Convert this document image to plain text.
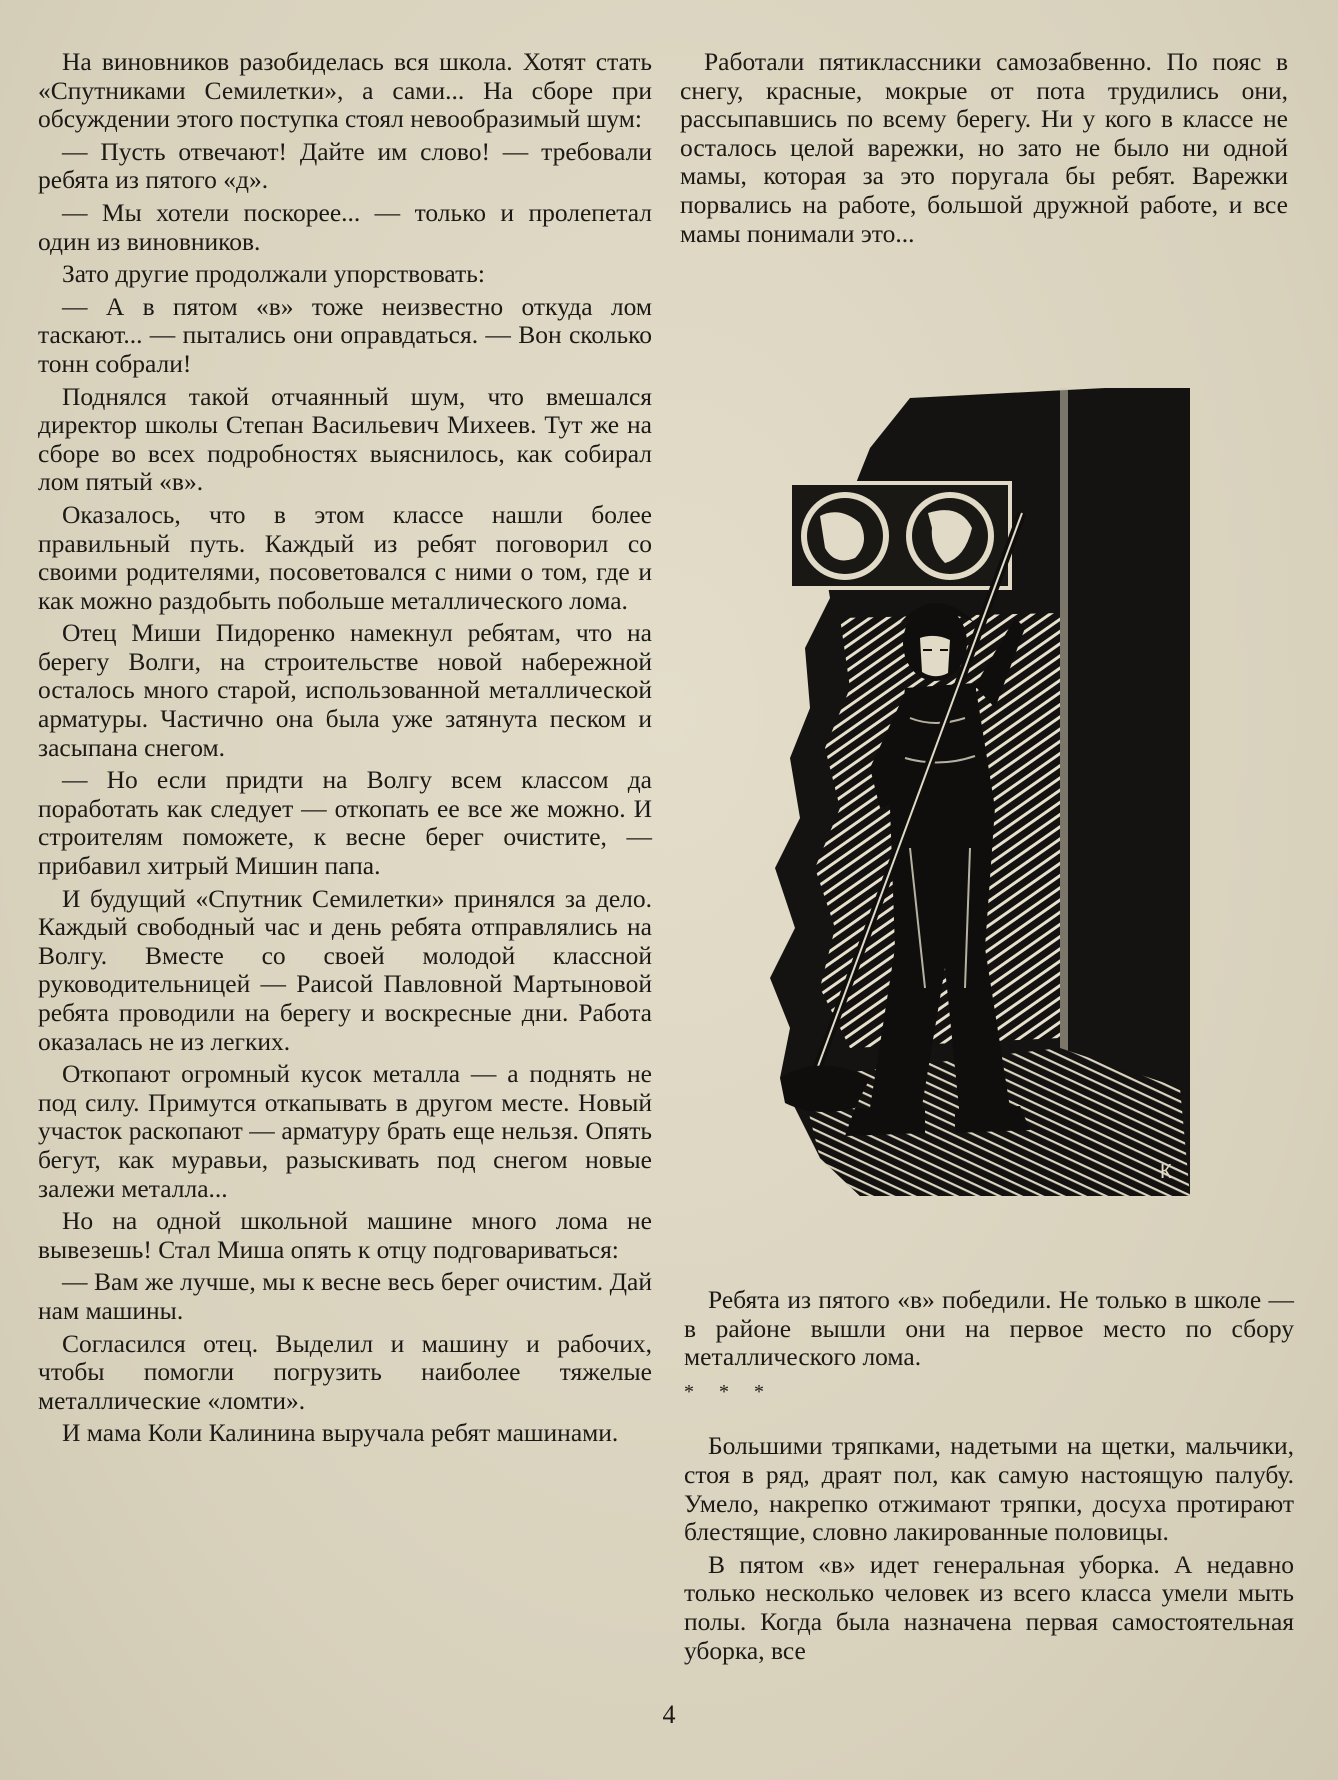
На виновников разобиделась вся школа. Хотят стать «Спутниками Семилетки», а сами... На сборе при обсуждении этого поступка стоял невообразимый шум:

— Пусть отвечают! Дайте им слово! — требовали ребята из пятого «д».

— Мы хотели поскорее... — только и пролепетал один из виновников.

Зато другие продолжали упорствовать:

— А в пятом «в» тоже неизвестно откуда лом таскают... — пытались они оправдаться. — Вон сколько тонн собрали!

Поднялся такой отчаянный шум, что вмешался директор школы Степан Васильевич Михеев. Тут же на сборе во всех подробностях выяснилось, как собирал лом пятый «в».

Оказалось, что в этом классе нашли более правильный путь. Каждый из ребят поговорил со своими родителями, посоветовался с ними о том, где и как можно раздобыть побольше металлического лома.

Отец Миши Пидоренко намекнул ребятам, что на берегу Волги, на строительстве новой набережной осталось много старой, использованной металлической арматуры. Частично она была уже затянута песком и засыпана снегом.

— Но если придти на Волгу всем классом да поработать как следует — откопать ее все же можно. И строителям поможете, к весне берег очистите, — прибавил хитрый Мишин папа.

И будущий «Спутник Семилетки» принялся за дело. Каждый свободный час и день ребята отправлялись на Волгу. Вместе со своей молодой классной руководительницей — Раисой Павловной Мартыновой ребята проводили на берегу и воскресные дни. Работа оказалась не из легких.

Откопают огромный кусок металла — а поднять не под силу. Примутся откапывать в другом месте. Новый участок раскопают — арматуру брать еще нельзя. Опять бегут, как муравьи, разыскивать под снегом новые залежи металла...

Но на одной школьной машине много лома не вывезешь! Стал Миша опять к отцу подговариваться:

— Вам же лучше, мы к весне весь берег очистим. Дай нам машины.

Согласился отец. Выделил и машину и рабочих, чтобы помогли погрузить наиболее тяжелые металлические «ломти».

И мама Коли Калинина выручала ребят машинами.

Работали пятиклассники самозабвенно. По пояс в снегу, красные, мокрые от пота трудились они, рассыпавшись по всему берегу. Ни у кого в классе не осталось целой варежки, но зато не было ни одной мамы, которая за это поругала бы ребят. Варежки порвались на работе, большой дружной работе, и все мамы понимали это...

К

Ребята из пятого «в» победили. Не только в школе — в районе вышли они на первое место по сбору металлического лома.

* * *

Большими тряпками, надетыми на щетки, мальчики, стоя в ряд, драят пол, как самую настоящую палубу. Умело, накрепко отжимают тряпки, досуха протирают блестящие, словно лакированные половицы.

В пятом «в» идет генеральная уборка. А недавно только несколько человек из всего класса умели мыть полы. Когда была назначена первая самостоятельная уборка, все

4
